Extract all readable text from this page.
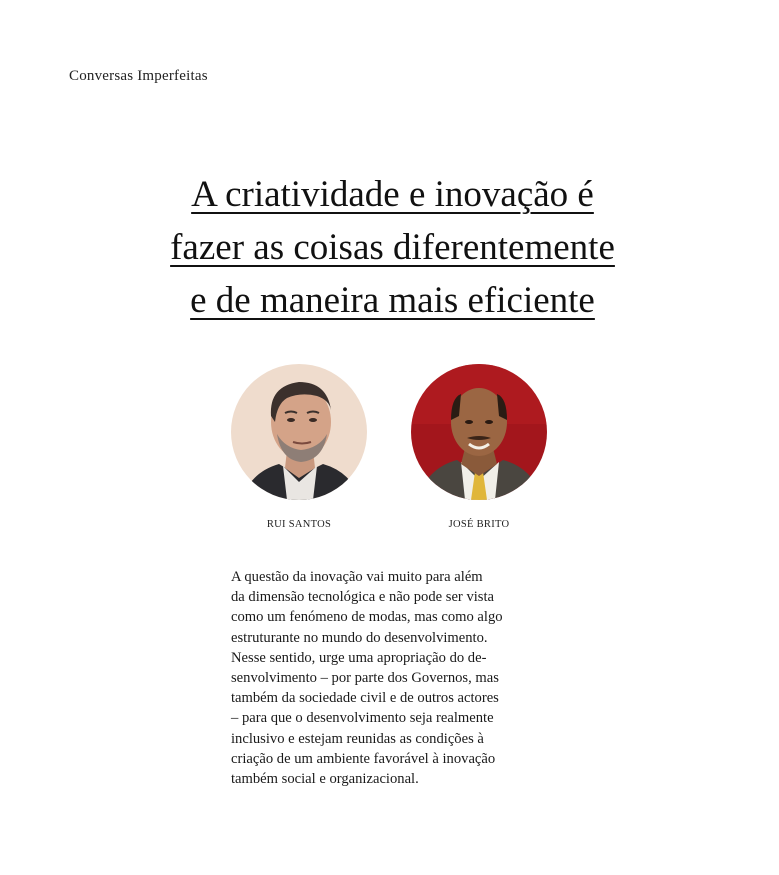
Conversas Imperfeitas
A criatividade e inovação é
fazer as coisas diferentemente
e de maneira mais eficiente
RUI SANTOS	JOSÉ BRITO
A questão da inovação vai muito para além
da dimensão tecnológica e não pode ser vista
como um fenómeno de modas, mas como algo
estruturante no mundo do desenvolvimento.
Nesse sentido, urge uma apropriação do de-
senvolvimento – por parte dos Governos, mas
também da sociedade civil e de outros actores
– para que o desenvolvimento seja realmente
inclusivo e estejam reunidas as condições à
criação de um ambiente favorável à inovação
também social e organizacional.
